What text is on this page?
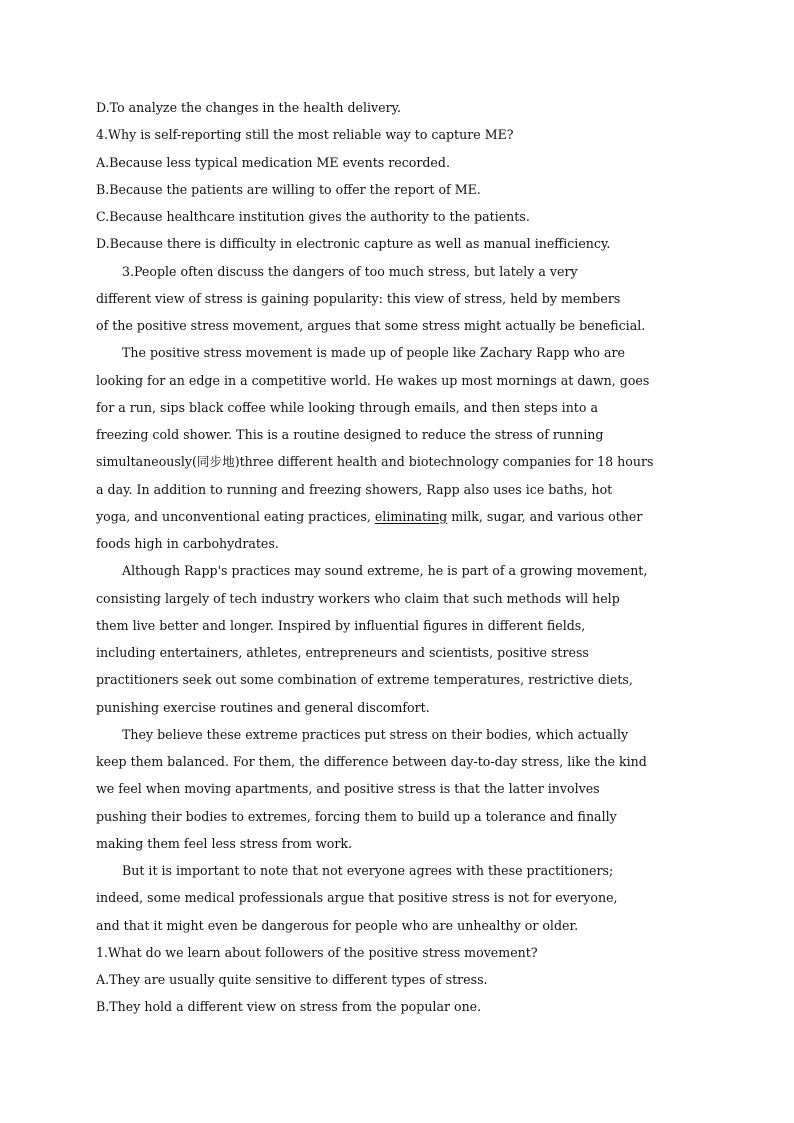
D.To analyze the changes in the health delivery.
4.Why is self-reporting still the most reliable way to capture ME?
A.Because less typical medication ME events recorded.
B.Because the patients are willing to offer the report of ME.
C.Because healthcare institution gives the authority to the patients.
D.Because there is difficulty in electronic capture as well as manual inefficiency.
3.People often discuss the dangers of too much stress, but lately a very
different view of stress is gaining popularity: this view of stress, held by members
of the positive stress movement, argues that some stress might actually be beneficial.
The positive stress movement is made up of people like Zachary Rapp who are
looking for an edge in a competitive world. He wakes up most mornings at dawn, goes
for a run, sips black coffee while looking through emails, and then steps into a
freezing cold shower. This is a routine designed to reduce the stress of running
simultaneously(同步地)three different health and biotechnology companies for 18 hours
a day. In addition to running and freezing showers, Rapp also uses ice baths, hot
yoga, and unconventional eating practices, eliminating milk, sugar, and various other
foods high in carbohydrates.
Although Rapp's practices may sound extreme, he is part of a growing movement,
consisting largely of tech industry workers who claim that such methods will help
them live better and longer. Inspired by influential figures in different fields,
including entertainers, athletes, entrepreneurs and scientists, positive stress
practitioners seek out some combination of extreme temperatures, restrictive diets,
punishing exercise routines and general discomfort.
They believe these extreme practices put stress on their bodies, which actually
keep them balanced. For them, the difference between day-to-day stress, like the kind
we feel when moving apartments, and positive stress is that the latter involves
pushing their bodies to extremes, forcing them to build up a tolerance and finally
making them feel less stress from work.
But it is important to note that not everyone agrees with these practitioners;
indeed, some medical professionals argue that positive stress is not for everyone,
and that it might even be dangerous for people who are unhealthy or older.
1.What do we learn about followers of the positive stress movement?
A.They are usually quite sensitive to different types of stress.
B.They hold a different view on stress from the popular one.
